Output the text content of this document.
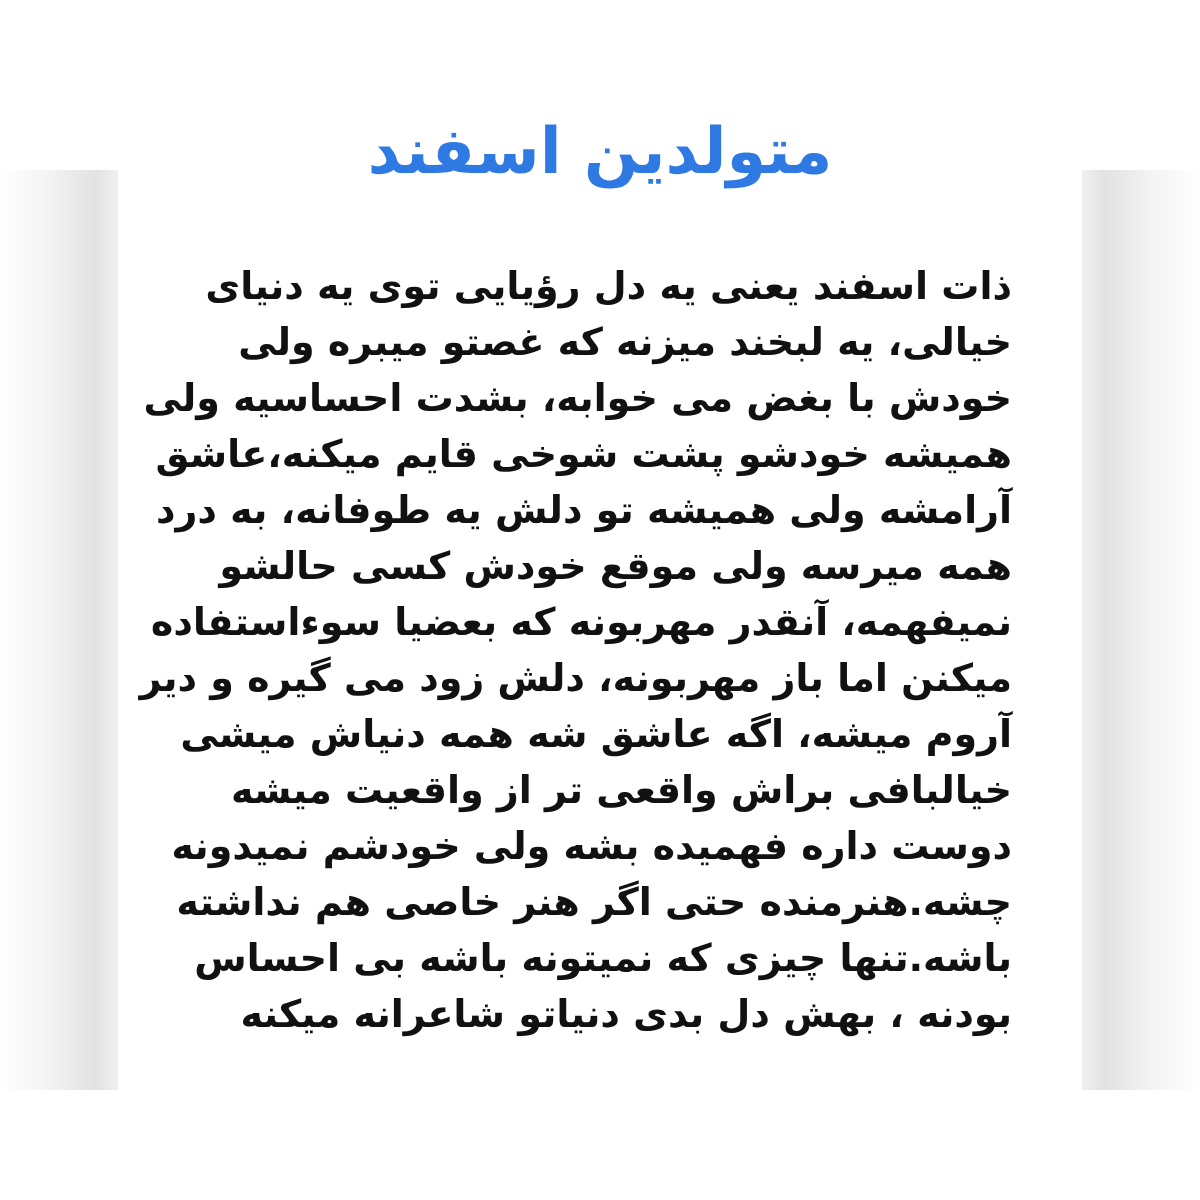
متولدین اسفند
ذات اسفند یعنی یه دل رؤیایی توی یه دنیای
خیالی، یه لبخند میزنه که غصتو میبره ولی
خودش با بغض می خوابه، بشدت احساسیه ولی
همیشه خودشو پشت شوخی قایم میکنه،عاشق
آرامشه ولی همیشه تو دلش یه طوفانه، به درد
همه میرسه ولی موقع خودش کسی حالشو
نمیفهمه، آنقدر مهربونه که بعضیا سوءاستفاده
میکنن اما باز مهربونه، دلش زود می گیره و دیر
آروم میشه، اگه عاشق شه همه دنیاش میشی
خیالبافی براش واقعی تر از واقعیت میشه
دوست داره فهمیده بشه ولی خودشم نمیدونه
چشه.هنرمنده حتی اگر هنر خاصی هم نداشته
باشه.تنها چیزی که نمیتونه باشه بی احساس
بودنه ، بهش دل بدی دنیاتو شاعرانه میکنه
